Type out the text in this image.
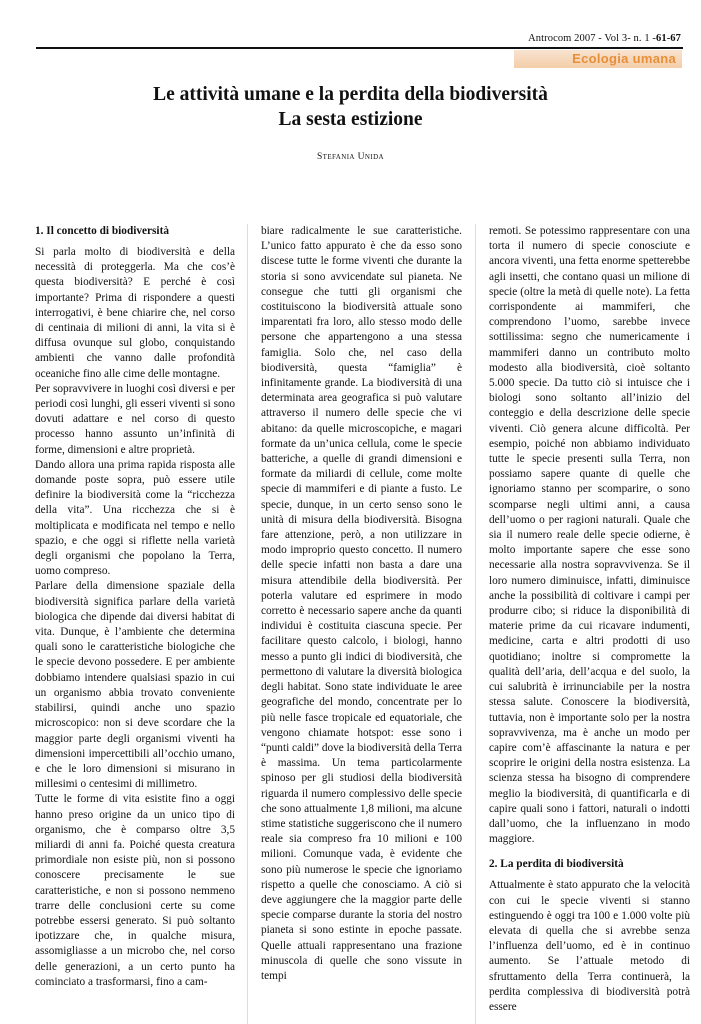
Antrocom 2007 - Vol 3- n. 1 -61-67
Ecologia umana
Le attività umane e la perdita della biodiversità
La sesta estizione
Stefania Unida
1. Il concetto di biodiversità

Si parla molto di biodiversità e della necessità di proteggerla. Ma che cos’è questa biodiversità? E perché è così importante? Prima di rispondere a questi interrogativi, è bene chiarire che, nel corso di centinaia di milioni di anni, la vita si è diffusa ovunque sul globo, conquistando ambienti che vanno dalle profondità oceaniche fino alle cime delle montagne.

Per sopravvivere in luoghi così diversi e per periodi così lunghi, gli esseri viventi si sono dovuti adattare e nel corso di questo processo hanno assunto un’infinità di forme, dimensioni e altre proprietà.

Dando allora una prima rapida risposta alle domande poste sopra, può essere utile definire la biodiversità come la “ricchezza della vita”. Una ricchezza che si è moltiplicata e modificata nel tempo e nello spazio, e che oggi si riflette nella varietà degli organismi che popolano la Terra, uomo compreso.

Parlare della dimensione spaziale della biodiversità significa parlare della varietà biologica che dipende dai diversi habitat di vita. Dunque, è l’ambiente che determina quali sono le caratteristiche biologiche che le specie devono possedere. E per ambiente dobbiamo intendere qualsiasi spazio in cui un organismo abbia trovato conveniente stabilirsi, quindi anche uno spazio microscopico: non si deve scordare che la maggior parte degli organismi viventi ha dimensioni impercettibili all’occhio umano, e che le loro dimensioni si misurano in millesimi o centesimi di millimetro.

Tutte le forme di vita esistite fino a oggi hanno preso origine da un unico tipo di organismo, che è comparso oltre 3,5 miliardi di anni fa. Poiché questa creatura primordiale non esiste più, non si possono conoscere precisamente le sue caratteristiche, e non si possono nemmeno trarre delle conclusioni certe su come potrebbe essersi generato. Si può soltanto ipotizzare che, in qualche misura, assomigliasse a un microbo che, nel corso delle generazioni, a un certo punto ha cominciato a trasformarsi, fino a cam-

biare radicalmente le sue caratteristiche. L’unico fatto appurato è che da esso sono discese tutte le forme viventi che durante la storia si sono avvicendate sul pianeta. Ne consegue che tutti gli organismi che costituiscono la biodiversità attuale sono imparentati fra loro, allo stesso modo delle persone che appartengono a una stessa famiglia. Solo che, nel caso della biodiversità, questa “famiglia” è infinitamente grande. La biodiversità di una determinata area geografica si può valutare attraverso il numero delle specie che vi abitano: da quelle microscopiche, e magari formate da un’unica cellula, come le specie batteriche, a quelle di grandi dimensioni e formate da miliardi di cellule, come molte specie di mammiferi e di piante a fusto. Le specie, dunque, in un certo senso sono le unità di misura della biodiversità. Bisogna fare attenzione, però, a non utilizzare in modo improprio questo concetto. Il numero delle specie infatti non basta a dare una misura attendibile della biodiversità. Per poterla valutare ed esprimere in modo corretto è necessario sapere anche da quanti individui è costituita ciascuna specie. Per facilitare questo calcolo, i biologi, hanno messo a punto gli indici di biodiversità, che permettono di valutare la diversità biologica degli habitat. Sono state individuate le aree geografiche del mondo, concentrate per lo più nelle fasce tropicale ed equatoriale, che vengono chiamate hotspot: esse sono i “punti caldi” dove la biodiversità della Terra è massima. Un tema particolarmente spinoso per gli studiosi della biodiversità riguarda il numero complessivo delle specie che sono attualmente 1,8 milioni, ma alcune stime statistiche suggeriscono che il numero reale sia compreso fra 10 milioni e 100 milioni. Comunque vada, è evidente che sono più numerose le specie che ignoriamo rispetto a quelle che conosciamo. A ciò si deve aggiungere che la maggior parte delle specie comparse durante la storia del nostro pianeta si sono estinte in epoche passate. Quelle attuali rappresentano una frazione minuscola di quelle che sono vissute in tempi

remoti. Se potessimo rappresentare con una torta il numero di specie conosciute e ancora viventi, una fetta enorme spetterebbe agli insetti, che contano quasi un milione di specie (oltre la metà di quelle note). La fetta corrispondente ai mammiferi, che comprendono l’uomo, sarebbe invece sottilissima: segno che numericamente i mammiferi danno un contributo molto modesto alla biodiversità, cioè soltanto 5.000 specie. Da tutto ciò si intuisce che i biologi sono soltanto all’inizio del conteggio e della descrizione delle specie viventi. Ciò genera alcune difficoltà. Per esempio, poiché non abbiamo individuato tutte le specie presenti sulla Terra, non possiamo sapere quante di quelle che ignoriamo stanno per scomparire, o sono scomparse negli ultimi anni, a causa dell’uomo o per ragioni naturali. Quale che sia il numero reale delle specie odierne, è molto importante sapere che esse sono necessarie alla nostra sopravvivenza. Se il loro numero diminuisce, infatti, diminuisce anche la possibilità di coltivare i campi per produrre cibo; si riduce la disponibilità di materie prime da cui ricavare indumenti, medicine, carta e altri prodotti di uso quotidiano; inoltre si compromette la qualità dell’aria, dell’acqua e del suolo, la cui salubrità è irrinunciabile per la nostra stessa salute. Conoscere la biodiversità, tuttavia, non è importante solo per la nostra sopravvivenza, ma è anche un modo per capire com’è affascinante la natura e per scoprire le origini della nostra esistenza. La scienza stessa ha bisogno di comprendere meglio la biodiversità, di quantificarla e di capire quali sono i fattori, naturali o indotti dall’uomo, che la influenzano in modo maggiore.

2. La perdita di biodiversità

Attualmente è stato appurato che la velocità con cui le specie viventi si stanno estinguendo è oggi tra 100 e 1.000 volte più elevata di quella che si avrebbe senza l’influenza dell’uomo, ed è in continuo aumento. Se l’attuale metodo di sfruttamento della Terra continuerà, la perdita complessiva di biodiversità potrà essere
